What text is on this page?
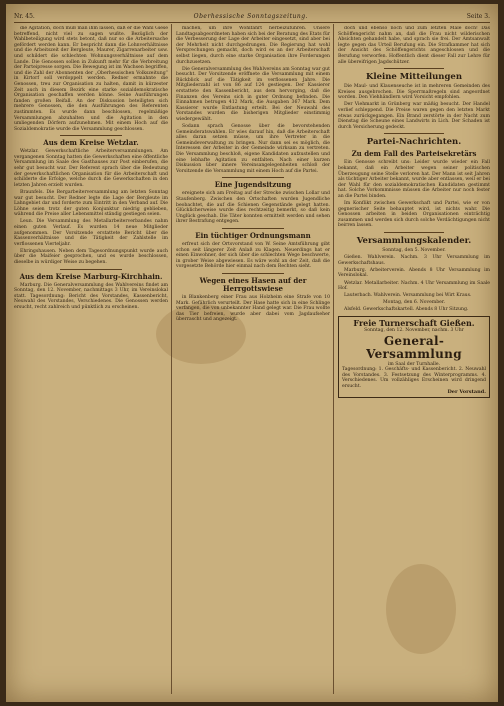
Nr. 45.	Oberhessische Sonntagszeitung.	Seite 3.

die Agitation, doch muß man ihm lassen, daß er die Wahl Giese betreffend, nicht viel zu sagen wußte. Bezüglich der Wahlbeteiligung wird stets betont, daß nur so die Arbeitersache gefördert werden kann. Er bespricht dann die Lohnverhältnisse und die Arbeitszeit der Bergleute, Maurer, Zigarrenarbeiter usw. und schildert die schlechten Wohnungsverhältnisse auf dem Lande. Die Genossen sollen in Zukunft mehr für die Verbreitung der Parteipresse sorgen. Die Bewegung ist im Wachsen begriffen, und die Zahl der Abonnenten der „Oberhessischen Volkszeitung“ in Kirtorf soll verdoppelt werden. Redner ermahnte die Genossen, treu zur Organisation zu halten, damit in kürzester Zeit auch in diesem Bezirk eine starke sozialdemokratische Organisation geschaffen werden könne. Seine Ausführungen fanden großen Beifall. An der Diskussion beteiligten sich mehrere Genossen, die den Ausführungen des Referenten zustimmten. Es wurde dann beschlossen, regelmäßige Versammlungen abzuhalten und die Agitation in den umliegenden Dörfern aufzunehmen. Mit einem Hoch auf die Sozialdemokratie wurde die Versammlung geschlossen.

Aus dem Kreise Wetzlar.

Wetzlar. Gewerkschaftliche Arbeiterversammlungen. Am vergangenen Sonntag hatten die Gewerkschaften eine öffentliche Versammlung im Saale des Gasthauses zur Post einberufen, die sehr gut besucht war. Der Referent sprach über die Bedeutung der gewerkschaftlichen Organisation für die Arbeiterschaft und schilderte die Erfolge, welche durch die Gewerkschaften in den letzten Jahren erzielt wurden.

Braunfels. Die Bergarbeiterversammlung am letzten Sonntag war gut besucht. Der Redner legte die Lage der Bergleute im Lahngebiet dar und forderte zum Eintritt in den Verband auf. Die Löhne seien trotz der guten Konjunktur niedrig geblieben, während die Preise aller Lebensmittel ständig gestiegen seien.

Leun. Die Versammlung des Metallarbeiterverbandes nahm einen guten Verlauf. Es wurden 14 neue Mitglieder aufgenommen. Der Vorsitzende erstattete Bericht über die Kassenverhältnisse und die Tätigkeit der Zahlstelle im verflossenen Vierteljahr.

Ehringshausen. Neben dem Tagesordnungspunkt wurde auch über die Maifeier gesprochen, und es wurde beschlossen, dieselbe in würdiger Weise zu begehen.

Aus dem Kreise Marburg-Kirchhain.

Marburg. Die Generalversammlung des Wahlvereins findet am Sonntag, den 12. November, nachmittags 3 Uhr, im Vereinslokal statt. Tagesordnung: Bericht des Vorstandes, Kassenbericht, Neuwahl des Vorstandes, Verschiedenes. Die Genossen werden ersucht, recht zahlreich und pünktlich zu erscheinen.

machen, um ihre Wohlfahrt herbeizuführen. Unsere Landtagsabgeordneten haben sich bei der Beratung des Etats für die Verbesserung der Lage der Arbeiter eingesetzt, sind aber bei der Mehrheit nicht durchgedrungen. Die Regierung hat wohl Versprechungen gemacht, doch wird es an der Arbeiterschaft selbst liegen, durch eine starke Organisation ihre Forderungen durchzusetzen.

Die Generalversammlung des Wahlvereins am Sonntag war gut besucht. Der Vorsitzende eröffnete die Versammlung mit einem Rückblick auf die Tätigkeit im verflossenen Jahre. Die Mitgliederzahl ist von 86 auf 124 gestiegen. Der Kassierer erstattete den Kassenbericht, aus dem hervorging, daß die Finanzen des Vereins sich in guter Ordnung befinden. Die Einnahmen betrugen 412 Mark, die Ausgaben 367 Mark. Dem Kassierer wurde Entlastung erteilt. Bei der Neuwahl des Vorstandes wurden die bisherigen Mitglieder einstimmig wiedergewählt.

Sodann sprach Genosse über die bevorstehenden Gemeinderatswahlen. Er wies darauf hin, daß die Arbeiterschaft alles daran setzen müsse, um ihre Vertreter in die Gemeindeverwaltung zu bringen. Nur dann sei es möglich, die Interessen der Arbeiter in der Gemeinde wirksam zu vertreten. Die Versammlung beschloß, eigene Kandidaten aufzustellen und eine lebhafte Agitation zu entfalten. Nach einer kurzen Diskussion über innere Vereinsangelegenheiten schloß der Vorsitzende die Versammlung mit einem Hoch auf die Partei.

Eine Jugendsitzung

ereignete sich am Freitag auf der Strecke zwischen Lollar und Staufenberg. Zwischen den Ortschaften wurden Jugendliche beobachtet, die auf die Schienen Gegenstände gelegt hatten. Glücklicherweise wurde dies rechtzeitig bemerkt, so daß kein Unglück geschah. Die Täter konnten ermittelt werden und sehen ihrer Bestrafung entgegen.

Ein tüchtiger Ordnungsmann

erfreut sich der Ortsvorstand von W. Seine Amtsführung gibt schon seit längerer Zeit Anlaß zu Klagen. Neuerdings hat er einen Einwohner, der sich über die schlechten Wege beschwerte, in grober Weise abgewiesen. Es wäre wohl an der Zeit, daß die vorgesetzte Behörde hier einmal nach dem Rechten sieht.

Wegen eines Hasen auf der Herrgottswiese

in Blankenberg einer Frau aus Holzheim eine Strafe von 10 Mark. Gefährlich verurteilt. Der Hase hatte sich in eine Schlinge verfangen, die von unbekannter Hand gelegt war. Die Frau wollte das Tier befreien, wurde aber dabei vom Jagdaufseher überrascht und angezeigt.

doch und ebenso noch und zum letzten Male doch! Das Schöffengericht nahm an, daß die Frau nicht wilderischen Absichten gehandelt habe, und sprach sie frei. Der Amtsanwalt legte gegen das Urteil Berufung ein. Die Strafkammer hat sich der Ansicht des Schöffengerichts angeschlossen und die Berufung verworfen. Hoffentlich dient dieser Fall zur Lehre für alle übereifrigen Jagdschützer.

Kleine Mitteilungen

Die Maul- und Klauenseuche ist in mehreren Gemeinden des Kreises ausgebrochen. Die Sperrmaßregeln sind angeordnet worden. Den Viehhändlern wird Vorsicht empfohlen.

Der Viehmarkt in Grünberg war mäßig besucht. Der Handel verlief schleppend. Die Preise waren gegen den letzten Markt etwas zurückgegangen. Ein Brand zerstörte in der Nacht zum Dienstag die Scheune eines Landwirts in Lich. Der Schaden ist durch Versicherung gedeckt.

Partei-Nachrichten.
Zu dem Fall des Parteisekretärs

Ein Genosse schreibt uns: Leider wurde wieder ein Fall bekannt, daß ein Arbeiter wegen seiner politischen Überzeugung seine Stelle verloren hat. Der Mann ist seit Jahren als tüchtiger Arbeiter bekannt, wurde aber entlassen, weil er bei der Wahl für den sozialdemokratischen Kandidaten gestimmt hat. Solche Vorkommnisse müssen die Arbeiter nur noch fester an die Partei binden.

Im Konflikt zwischen Gewerkschaft und Partei, wie er von gegnerischer Seite behauptet wird, ist nichts wahr. Die Genossen arbeiten in beiden Organisationen einträchtig zusammen und werden sich durch solche Verdächtigungen nicht beirren lassen.

Versammlungskalender.

Sonntag, den 5. November.

Gießen. Wahlverein. Nachm. 3 Uhr Versammlung im Gewerkschaftshaus.

Marburg. Arbeiterverein. Abends 8 Uhr Versammlung im Vereinslokal.

Wetzlar. Metallarbeiter. Nachm. 4 Uhr Versammlung im Saale Hof.

Lauterbach. Wahlverein. Versammlung bei Wirt Kraus.

Montag, den 6. November.

Alsfeld. Gewerkschaftskartell. Abends 8 Uhr Sitzung.

Freie Turnerschaft Gießen.
Sonntag, den 12. November, nachm. 3 Uhr
General-Versammlung
im Saal der Turnhalle.
Tagesordnung: 1. Geschäfts- und Kassenbericht. 2. Neuwahl des Vorstandes. 3. Festsetzung des Winterprogramms. 4. Verschiedenes. Um vollzähliges Erscheinen wird dringend ersucht.
Der Vorstand.
